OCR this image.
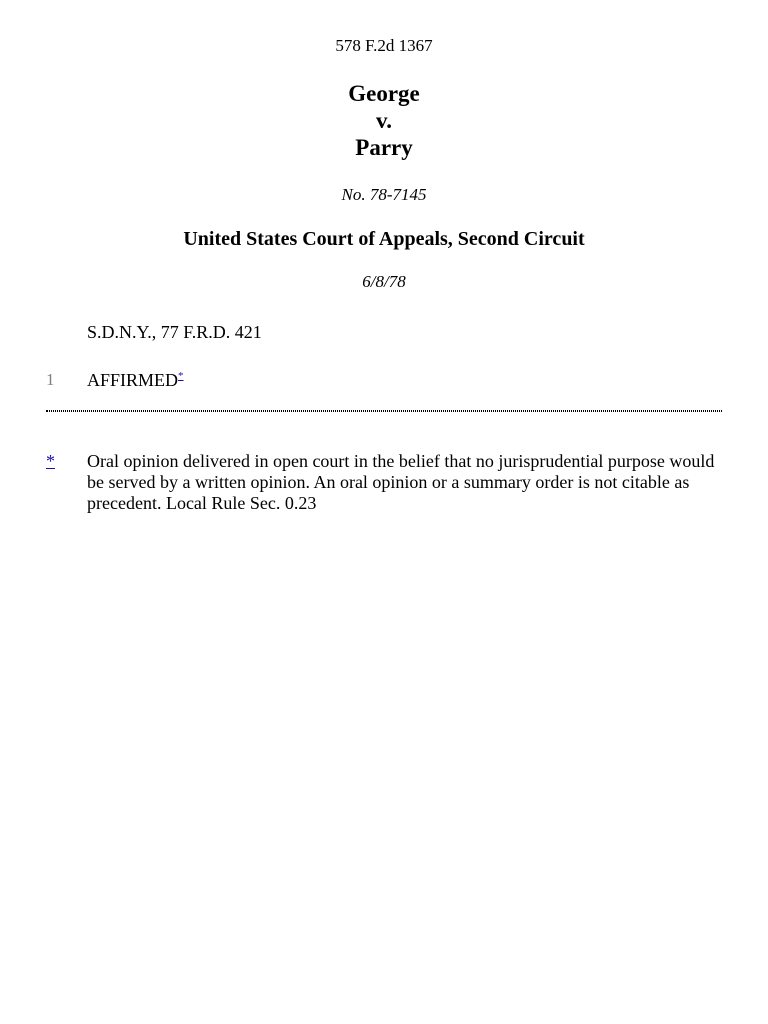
578 F.2d 1367
George
v.
Parry
No. 78-7145
United States Court of Appeals, Second Circuit
6/8/78
S.D.N.Y., 77 F.R.D. 421
1 AFFIRMED*
* Oral opinion delivered in open court in the belief that no jurisprudential purpose would be served by a written opinion. An oral opinion or a summary order is not citable as precedent. Local Rule Sec. 0.23
